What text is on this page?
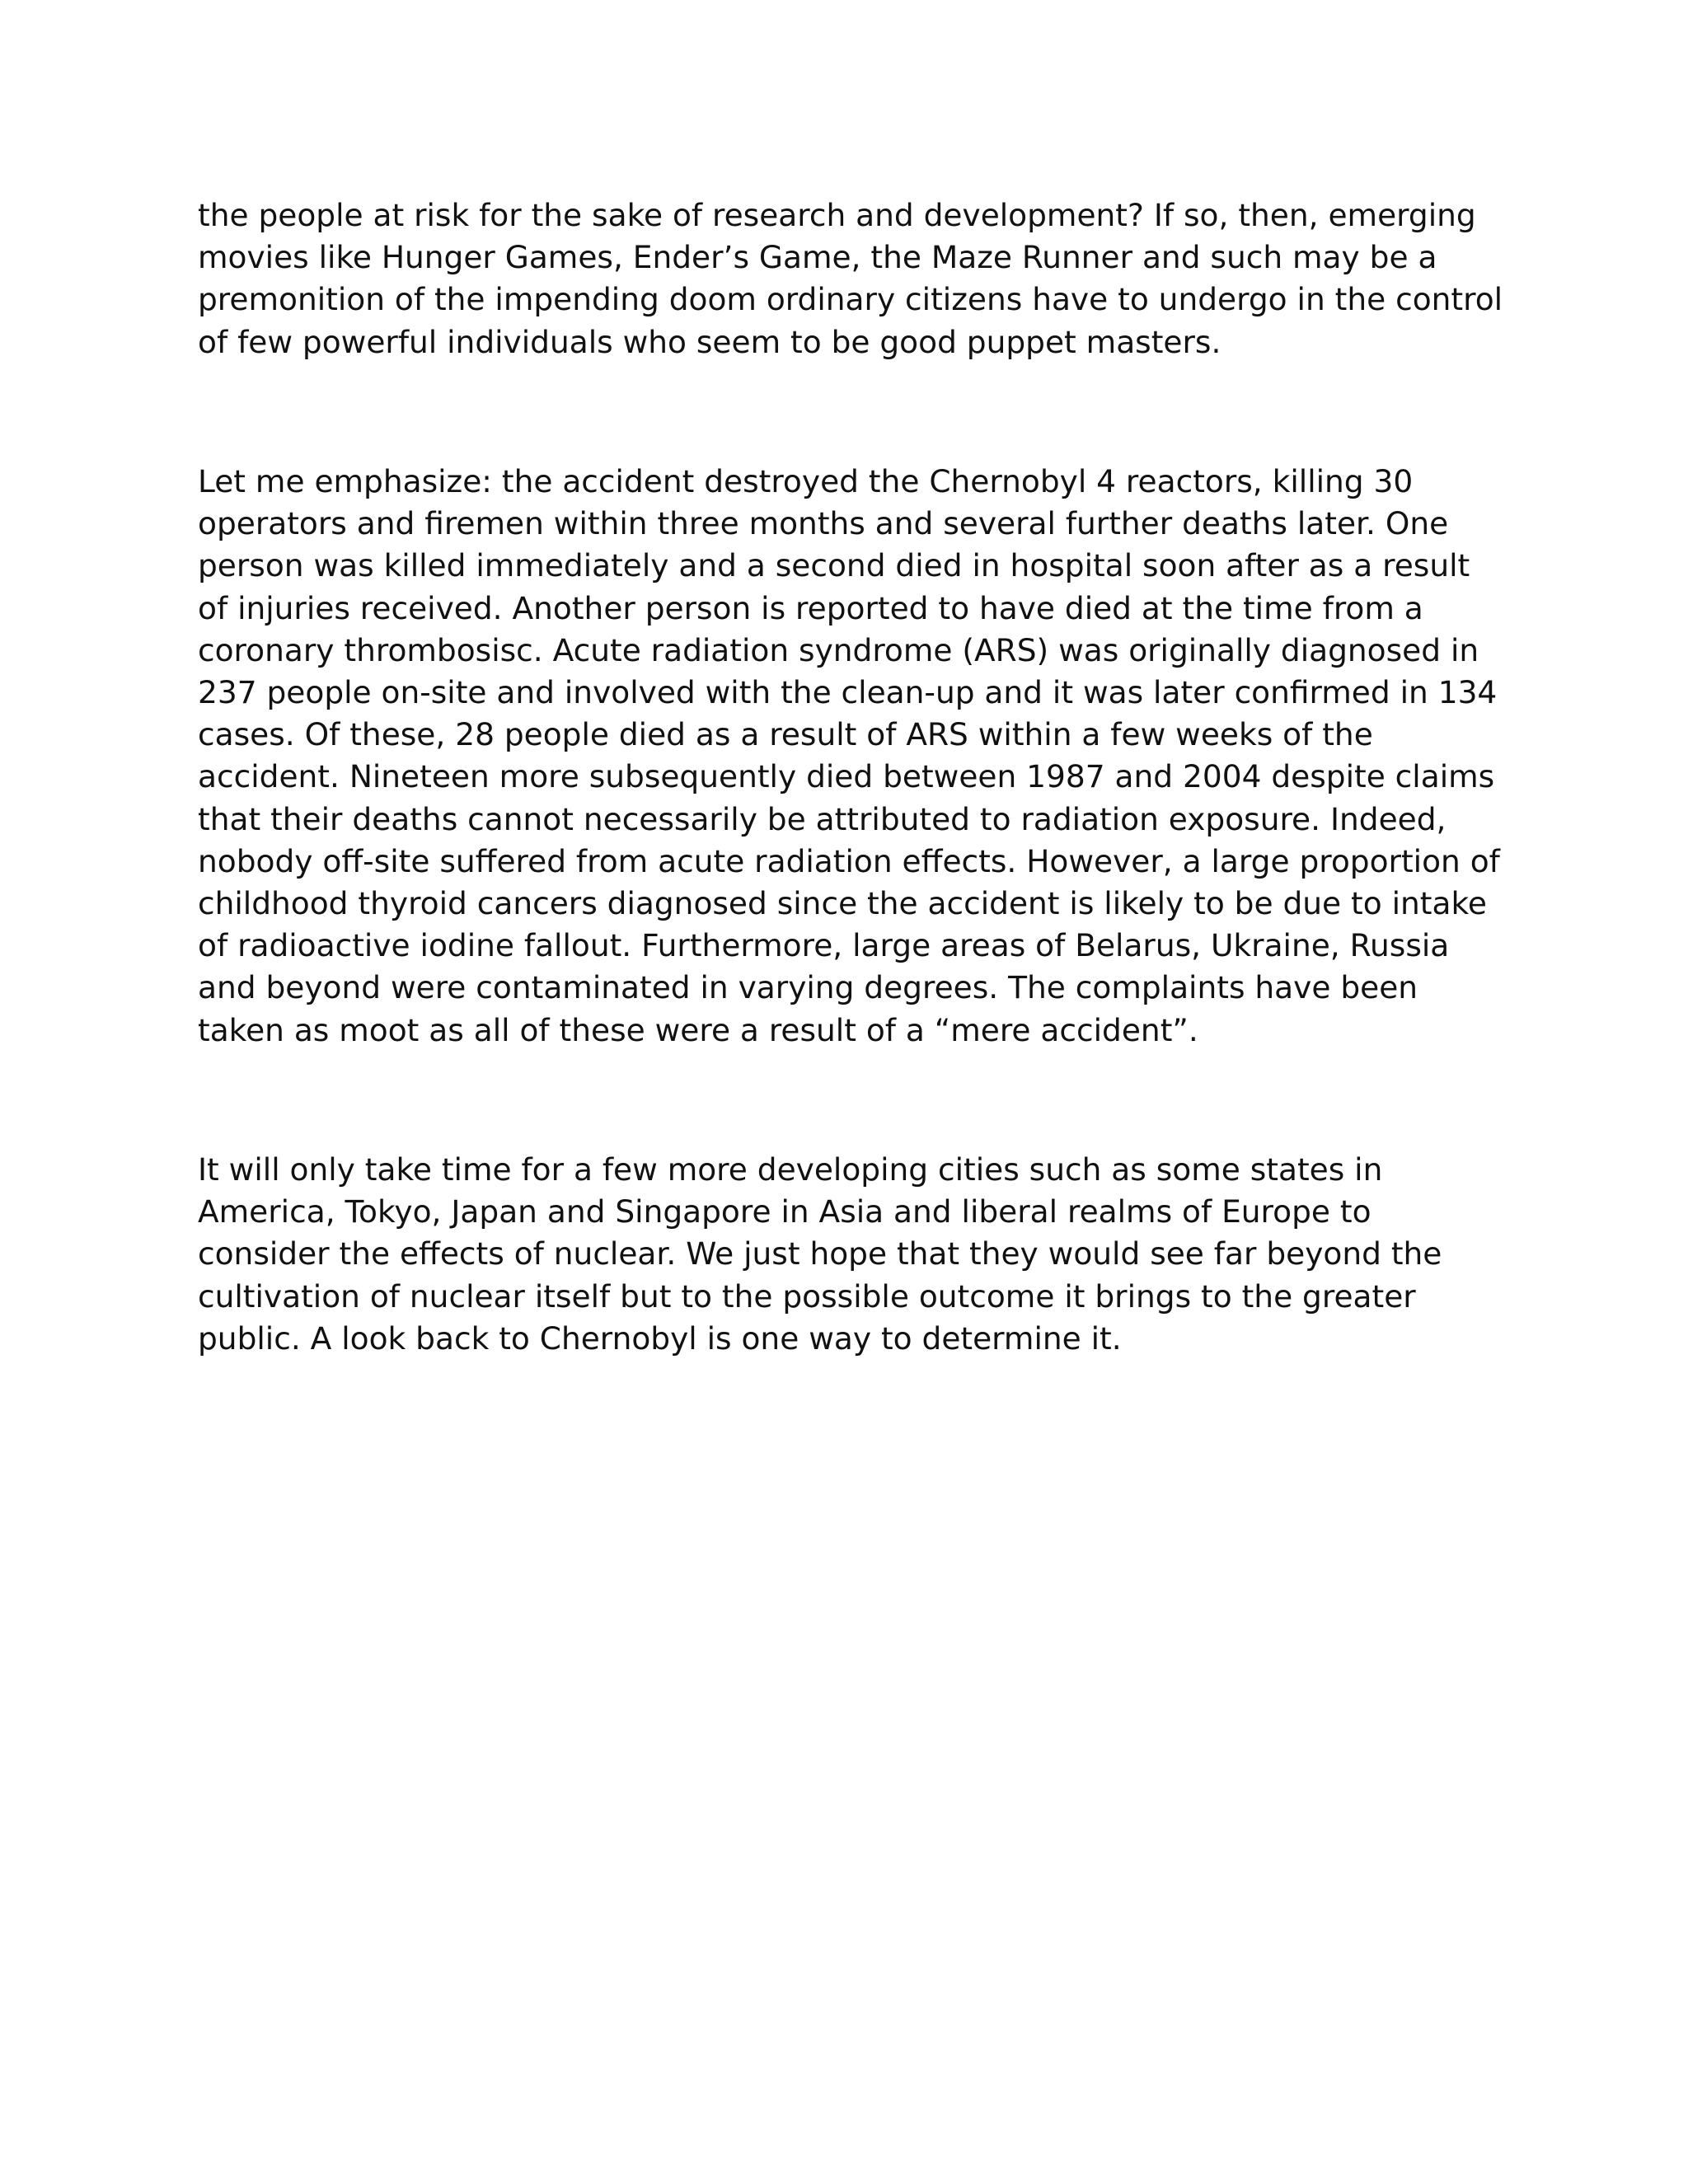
the people at risk for the sake of research and development? If so, then, emerging
movies like Hunger Games, Ender’s Game, the Maze Runner and such may be a
premonition of the impending doom ordinary citizens have to undergo in the control
of few powerful individuals who seem to be good puppet masters.
Let me emphasize: the accident destroyed the Chernobyl 4 reactors, killing 30
operators and firemen within three months and several further deaths later. One
person was killed immediately and a second died in hospital soon after as a result
of injuries received. Another person is reported to have died at the time from a
coronary thrombosisc. Acute radiation syndrome (ARS) was originally diagnosed in
237 people on-site and involved with the clean-up and it was later confirmed in 134
cases. Of these, 28 people died as a result of ARS within a few weeks of the
accident. Nineteen more subsequently died between 1987 and 2004 despite claims
that their deaths cannot necessarily be attributed to radiation exposure. Indeed,
nobody off-site suffered from acute radiation effects. However, a large proportion of
childhood thyroid cancers diagnosed since the accident is likely to be due to intake
of radioactive iodine fallout. Furthermore, large areas of Belarus, Ukraine, Russia
and beyond were contaminated in varying degrees. The complaints have been
taken as moot as all of these were a result of a “mere accident”.
It will only take time for a few more developing cities such as some states in
America, Tokyo, Japan and Singapore in Asia and liberal realms of Europe to
consider the effects of nuclear. We just hope that they would see far beyond the
cultivation of nuclear itself but to the possible outcome it brings to the greater
public. A look back to Chernobyl is one way to determine it.
